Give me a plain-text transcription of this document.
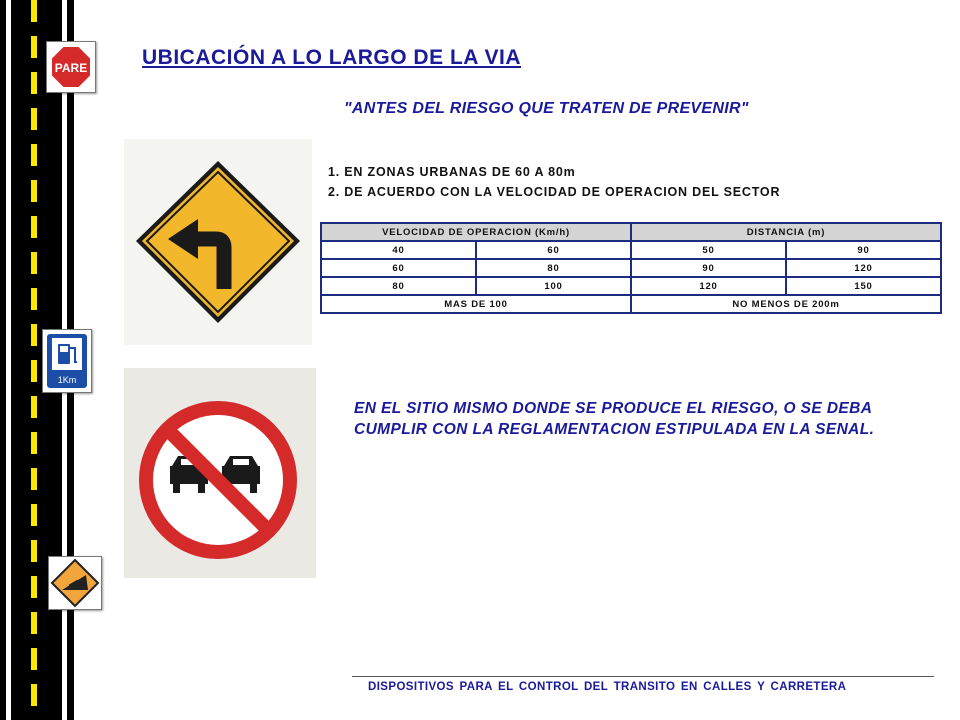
PARE
1Km
UBICACIÓN A LO LARGO DE LA VIA
"ANTES DEL RIESGO QUE TRATEN DE PREVENIR"
1. EN ZONAS URBANAS DE 60 A 80m
2. DE ACUERDO CON LA VELOCIDAD DE OPERACION DEL SECTOR
VELOCIDAD DE OPERACION (Km/h)		DISTANCIA (m)	
40	60	50	90
60	80	90	120
80	100	120	150
MAS DE 100		NO MENOS DE 200m	
EN EL SITIO MISMO DONDE SE PRODUCE EL RIESGO, O SE DEBA CUMPLIR CON LA REGLAMENTACION ESTIPULADA EN LA SENAL.
DISPOSITIVOS PARA EL CONTROL DEL TRANSITO EN CALLES Y CARRETERA
